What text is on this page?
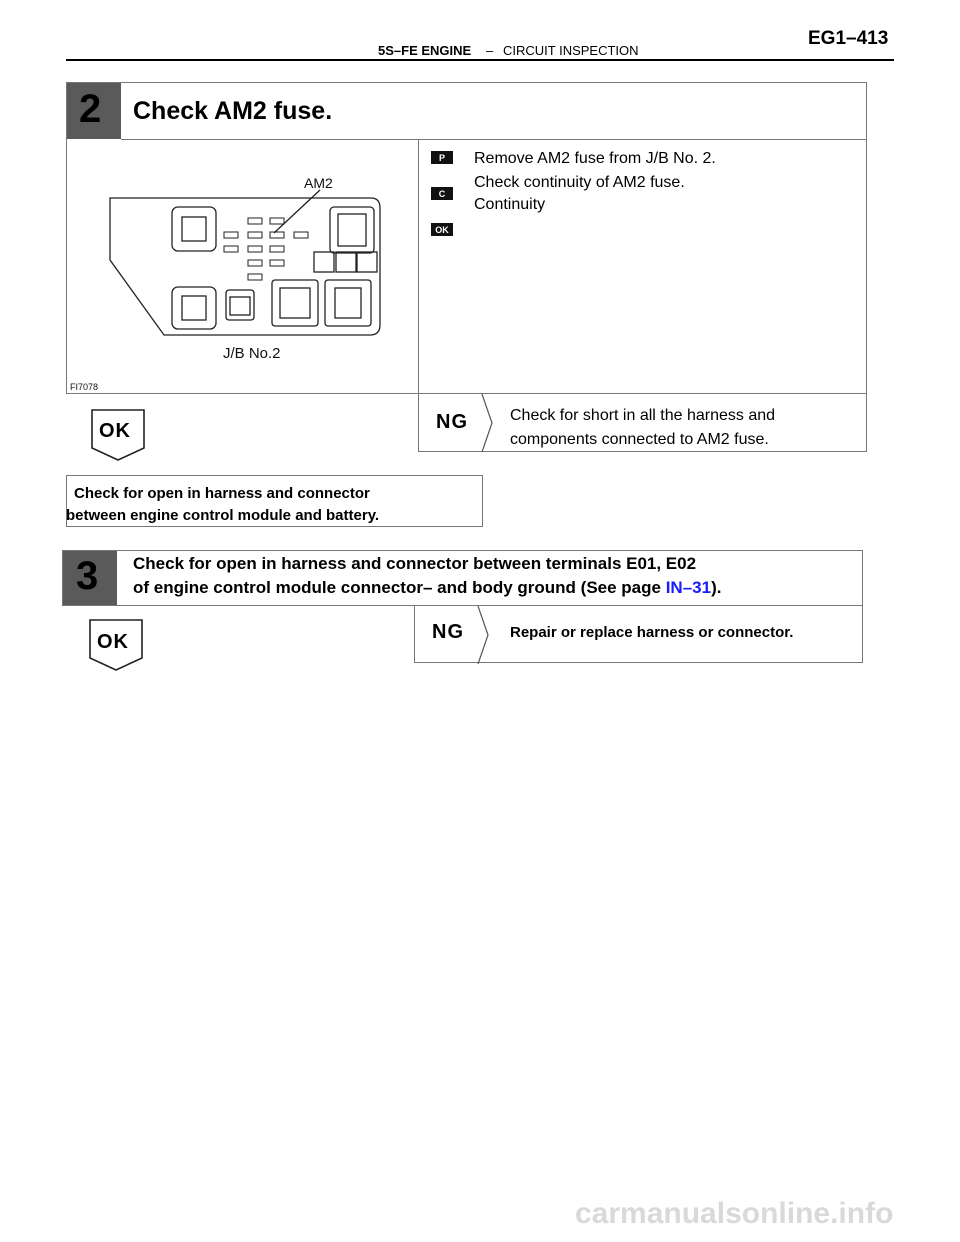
5S–FE ENGINE – CIRCUIT INSPECTION
EG1–413
2 Check AM2 fuse.
AM2
J/B No.2
FI7078
P
C
OK
Remove AM2 fuse from J/B No. 2.
Check continuity of AM2 fuse.
Continuity
OK	NG	Check for short in all the harness and
components connected to AM2 fuse.
Check for open in harness and connector
between engine control module and battery.
3 Check for open in harness and connector between terminals E01, E02
of engine control module connector– and body ground (See page IN–31).
OK	NG	Repair or replace harness or connector.
carmanualsonline.info
